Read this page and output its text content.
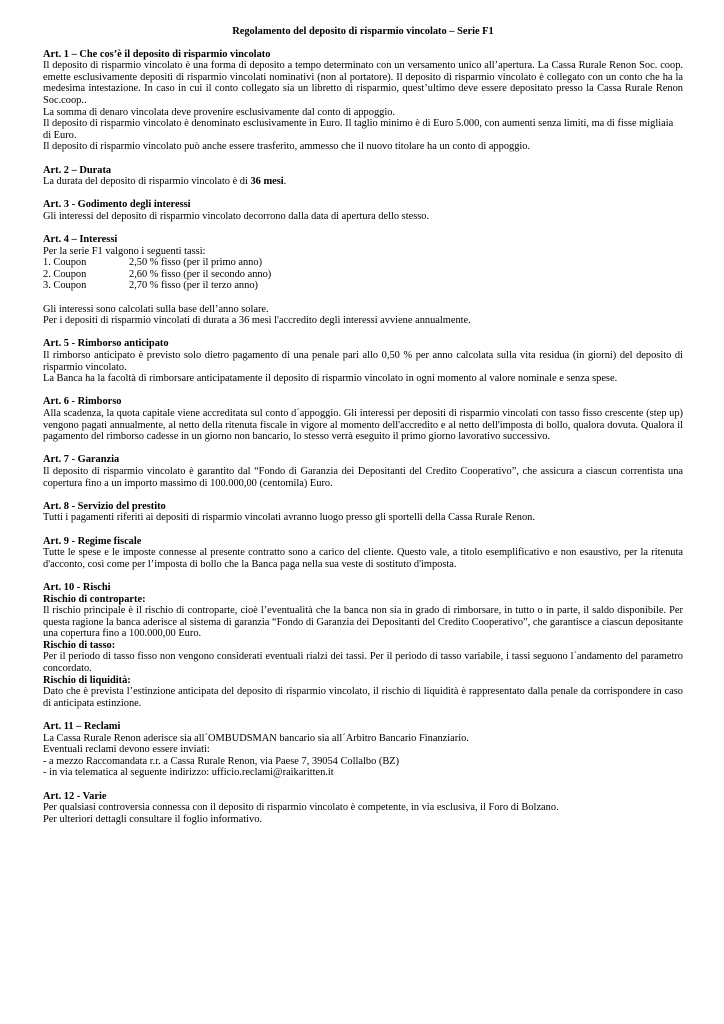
Regolamento del deposito di risparmio vincolato – Serie F1
Art. 1 – Che cos’è il deposito di risparmio vincolato

Il deposito di risparmio vincolato è una forma di deposito a tempo determinato con un versamento unico all’apertura. La Cassa Rurale Renon Soc. coop. emette esclusivamente depositi di risparmio vincolati nominativi (non al portatore). Il deposito di risparmio vincolato è collegato con un conto che ha la medesima intestazione. In caso in cui il conto collegato sia un libretto di risparmio, quest’ultimo deve essere depositato presso la Cassa Rurale Renon Soc.coop..

La somma di denaro vincolata deve provenire esclusivamente dal conto di appoggio.

Il deposito di risparmio vincolato è denominato esclusivamente in Euro. Il taglio minimo è di Euro 5.000, con aumenti senza limiti, ma di fisse migliaia di Euro.

Il deposito di risparmio vincolato può anche essere trasferito, ammesso che il nuovo titolare ha un conto di appoggio.

Art. 2 – Durata

La durata del deposito di risparmio vincolato è di 36 mesi.

Art. 3 - Godimento degli interessi

Gli interessi del deposito di risparmio vincolato decorrono dalla data di apertura dello stesso.

Art. 4 – Interessi

Per la serie F1 valgono i seguenti tassi:

1. Coupon	2,50 % fisso (per il primo anno)
2. Coupon	2,60 % fisso (per il secondo anno)
3. Coupon	2,70 % fisso (per il terzo anno)

Gli interessi sono calcolati sulla base dell’anno solare.

Per i depositi di risparmio vincolati di durata a 36 mesi l'accredito degli interessi avviene annualmente.

Art. 5 - Rimborso anticipato

Il rimborso anticipato è previsto solo dietro pagamento di una penale pari allo 0,50 % per anno calcolata sulla vita residua (in giorni) del deposito di risparmio vincolato.

La Banca ha la facoltà di rimborsare anticipatamente il deposito di risparmio vincolato in ogni momento al valore nominale e senza spese.

Art. 6 - Rimborso

Alla scadenza, la quota capitale viene accreditata sul conto d´appoggio. Gli interessi per depositi di risparmio vincolati con tasso fisso crescente (step up) vengono pagati annualmente, al netto della ritenuta fiscale in vigore al momento dell'accredito e al netto dell'imposta di bollo, qualora dovuta. Qualora il pagamento del rimborso cadesse in un giorno non bancario, lo stesso verrà eseguito il primo giorno lavorativo successivo.

Art. 7 - Garanzia

Il deposito di risparmio vincolato è garantito dal “Fondo di Garanzia dei Depositanti del Credito Cooperativo”, che assicura a ciascun correntista una copertura fino a un importo massimo di 100.000,00 (centomila) Euro.

Art. 8 - Servizio del prestito

Tutti i pagamenti riferiti ai depositi di risparmio vincolati avranno luogo presso gli sportelli della Cassa Rurale Renon.

Art. 9 - Regime fiscale

Tutte le spese e le imposte connesse al presente contratto sono a carico del cliente. Questo vale, a titolo esemplificativo e non esaustivo, per la ritenuta d'acconto, così come per l’imposta di bollo che la Banca paga nella sua veste di sostituto d'imposta.

Art. 10 - Rischi
Rischio di controparte:

Il rischio principale è il rischio di controparte, cioè l’eventualità che la banca non sia in grado di rimborsare, in tutto o in parte, il saldo disponibile. Per questa ragione la banca aderisce al sistema di garanzia “Fondo di Garanzia dei Depositanti del Credito Cooperativo”, che garantisce a ciascun depositante una copertura fino a 100.000,00 Euro.

Rischio di tasso:

Per il periodo di tasso fisso non vengono considerati eventuali rialzi dei tassi. Per il periodo di tasso variabile, i tassi seguono l´andamento del parametro concordato.

Rischio di liquidità:

Dato che è prevista l’estinzione anticipata del deposito di risparmio vincolato, il rischio di liquidità è rappresentato dalla penale da corrispondere in caso di anticipata estinzione.

Art. 11 – Reclami

La Cassa Rurale Renon aderisce sia all´OMBUDSMAN bancario sia all´Arbitro Bancario Finanziario.

Eventuali reclami devono essere inviati:

- a mezzo Raccomandata r.r. a Cassa Rurale Renon, via Paese 7, 39054 Collalbo (BZ)

- in via telematica al seguente indirizzo: ufficio.reclami@raikaritten.it

Art. 12 - Varie

Per qualsiasi controversia connessa con il deposito di risparmio vincolato è competente, in via esclusiva, il Foro di Bolzano.

Per ulteriori dettagli consultare il foglio informativo.
